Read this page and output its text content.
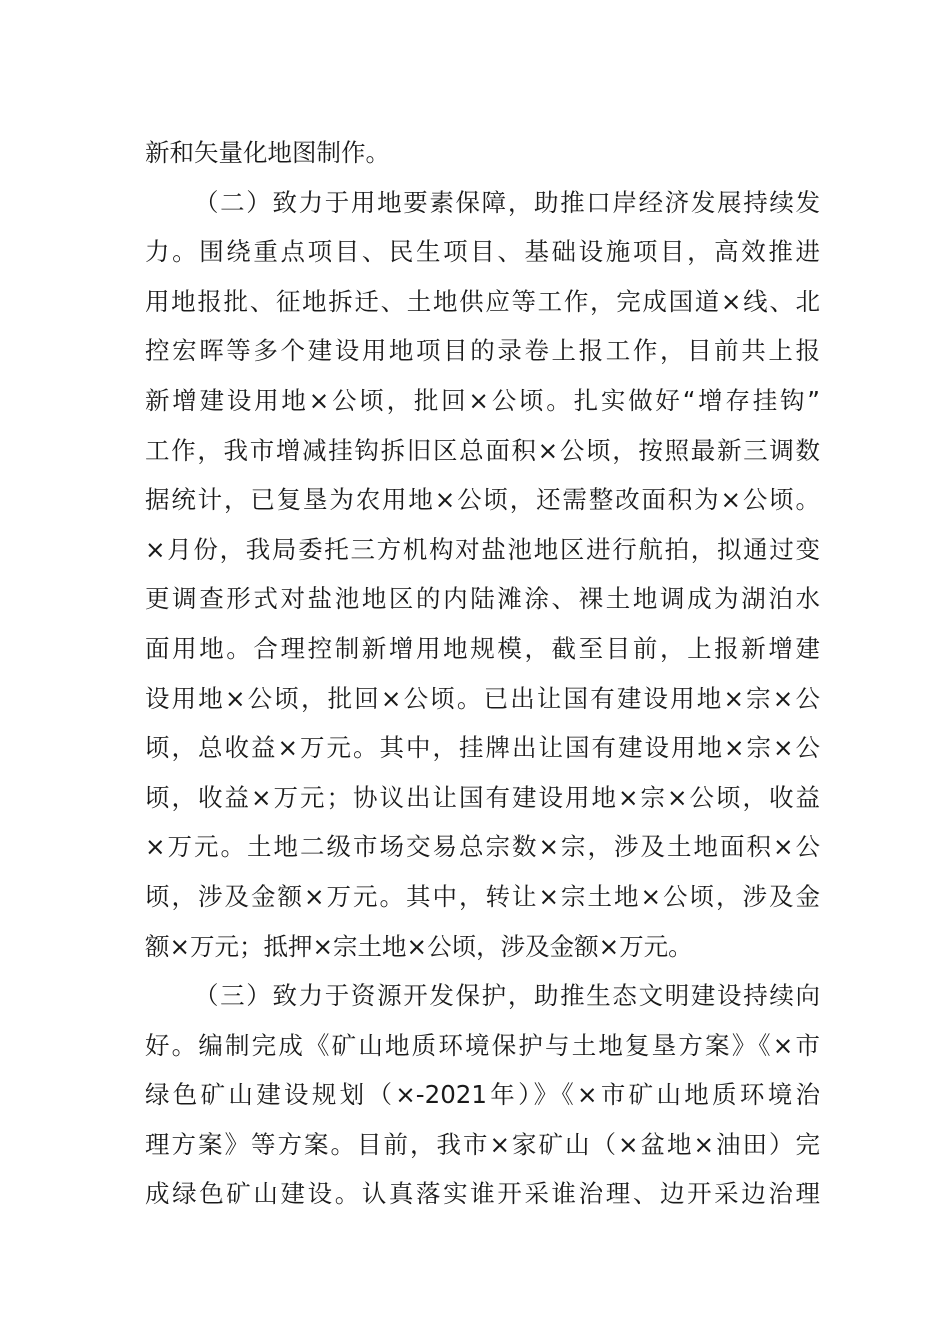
新和矢量化地图制作。
（二）致力于用地要素保障，助推口岸经济发展持续发
力。围绕重点项目、民生项目、基础设施项目，高效推进
用地报批、征地拆迁、土地供应等工作，完成国道×线、北
控宏晖等多个建设用地项目的录卷上报工作，目前共上报
新增建设用地×公顷，批回×公顷。扎实做好“增存挂钩”
工作，我市增减挂钩拆旧区总面积×公顷，按照最新三调数
据统计，已复垦为农用地×公顷，还需整改面积为×公顷。
×月份，我局委托三方机构对盐池地区进行航拍，拟通过变
更调查形式对盐池地区的内陆滩涂、裸土地调成为湖泊水
面用地。合理控制新增用地规模，截至目前，上报新增建
设用地×公顷，批回×公顷。已出让国有建设用地×宗×公
顷，总收益×万元。其中，挂牌出让国有建设用地×宗×公
顷，收益×万元；协议出让国有建设用地×宗×公顷，收益
×万元。土地二级市场交易总宗数×宗，涉及土地面积×公
顷，涉及金额×万元。其中，转让×宗土地×公顷，涉及金
额×万元；抵押×宗土地×公顷，涉及金额×万元。
（三）致力于资源开发保护，助推生态文明建设持续向
好。编制完成《矿山地质环境保护与土地复垦方案》《×市
绿色矿山建设规划（×-2021年）》《×市矿山地质环境治
理方案》等方案。目前，我市×家矿山（×盆地×油田）完
成绿色矿山建设。认真落实谁开采谁治理、边开采边治理
